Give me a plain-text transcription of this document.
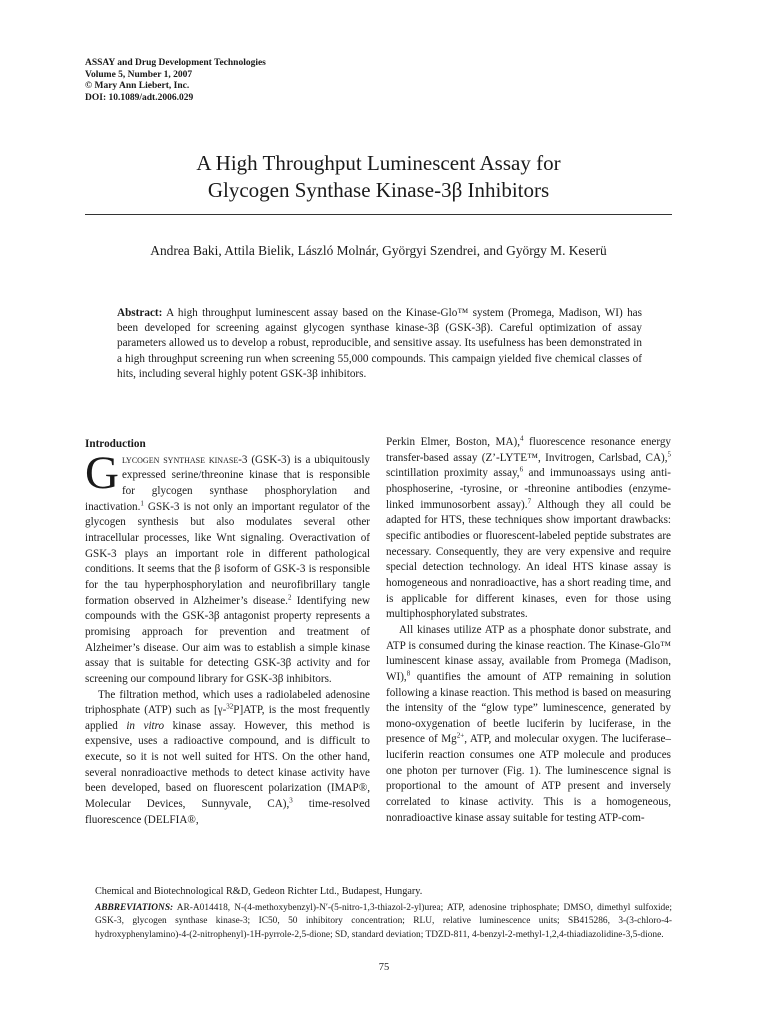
ASSAY and Drug Development Technologies
Volume 5, Number 1, 2007
© Mary Ann Liebert, Inc.
DOI: 10.1089/adt.2006.029
A High Throughput Luminescent Assay for
Glycogen Synthase Kinase-3β Inhibitors
Andrea Baki, Attila Bielik, László Molnár, Györgyi Szendrei, and György M. Keserü
Abstract: A high throughput luminescent assay based on the Kinase-Glo™ system (Promega, Madison, WI) has been developed for screening against glycogen synthase kinase-3β (GSK-3β). Careful optimization of assay parameters allowed us to develop a robust, reproducible, and sensitive assay. Its usefulness has been demonstrated in a high throughput screening run when screening 55,000 compounds. This campaign yielded five chemical classes of hits, including several highly potent GSK-3β inhibitors.

Introduction

Glycogen synthase kinase-3 (GSK-3) is a ubiquitously expressed serine/threonine kinase that is responsible for glycogen synthase phosphorylation and inactivation.$^1$ GSK-3 is not only an important regulator of the glycogen synthesis but also modulates several other intracellular processes, like Wnt signaling. Overactivation of GSK-3 plays an important role in different pathological conditions. It seems that the β isoform of GSK-3 is responsible for the tau hyperphosphorylation and neurofibrillary tangle formation observed in Alzheimer’s disease.$^2$ Identifying new compounds with the GSK-3β antagonist property represents a promising approach for prevention and treatment of Alzheimer’s disease. Our aim was to establish a simple kinase assay that is suitable for detecting GSK-3β activity and for screening our compound library for GSK-3β inhibitors.

The filtration method, which uses a radiolabeled adenosine triphosphate (ATP) such as [γ-$^{32}$P]ATP, is the most frequently applied in vitro kinase assay. However, this method is expensive, uses a radioactive compound, and is difficult to execute, so it is not well suited for HTS. On the other hand, several nonradioactive methods to detect kinase activity have been developed, based on fluorescent polarization (IMAP®, Molecular Devices, Sunnyvale, CA),$^3$ time-resolved fluorescence (DELFIA®,

Perkin Elmer, Boston, MA),$^4$ fluorescence resonance energy transfer-based assay (Z’-LYTE™, Invitrogen, Carlsbad, CA),$^5$ scintillation proximity assay,$^6$ and immunoassays using anti-phosphoserine, -tyrosine, or -threonine antibodies (enzyme-linked immunosorbent assay).$^7$ Although they all could be adapted for HTS, these techniques show important drawbacks: specific antibodies or fluorescent-labeled peptide substrates are necessary. Consequently, they are very expensive and require special detection technology. An ideal HTS kinase assay is homogeneous and nonradioactive, has a short reading time, and is applicable for different kinases, even for those using multiphosphorylated substrates.

All kinases utilize ATP as a phosphate donor substrate, and ATP is consumed during the kinase reaction. The Kinase-Glo™ luminescent kinase assay, available from Promega (Madison, WI),$^8$ quantifies the amount of ATP remaining in solution following a kinase reaction. This method is based on measuring the intensity of the “glow type” luminescence, generated by mono-oxygenation of beetle luciferin by luciferase, in the presence of $Mg^{2+}$, ATP, and molecular oxygen. The luciferase–luciferin reaction consumes one ATP molecule and produces one photon per turnover (Fig. 1). The luminescence signal is proportional to the amount of ATP present and inversely correlated to kinase activity. This is a homogeneous, nonradioactive kinase assay suitable for testing ATP-com-

Chemical and Biotechnological R&D, Gedeon Richter Ltd., Budapest, Hungary.
ABBREVIATIONS: AR-A014418, N-(4-methoxybenzyl)-N′-(5-nitro-1,3-thiazol-2-yl)urea; ATP, adenosine triphosphate; DMSO, dimethyl sulfoxide; GSK-3, glycogen synthase kinase-3; IC50, 50 inhibitory concentration; RLU, relative luminescence units; SB415286, 3-(3-chloro-4-hydroxyphenylamino)-4-(2-nitrophenyl)-1H-pyrrole-2,5-dione; SD, standard deviation; TDZD-811, 4-benzyl-2-methyl-1,2,4-thiadiazolidine-3,5-dione.
75
